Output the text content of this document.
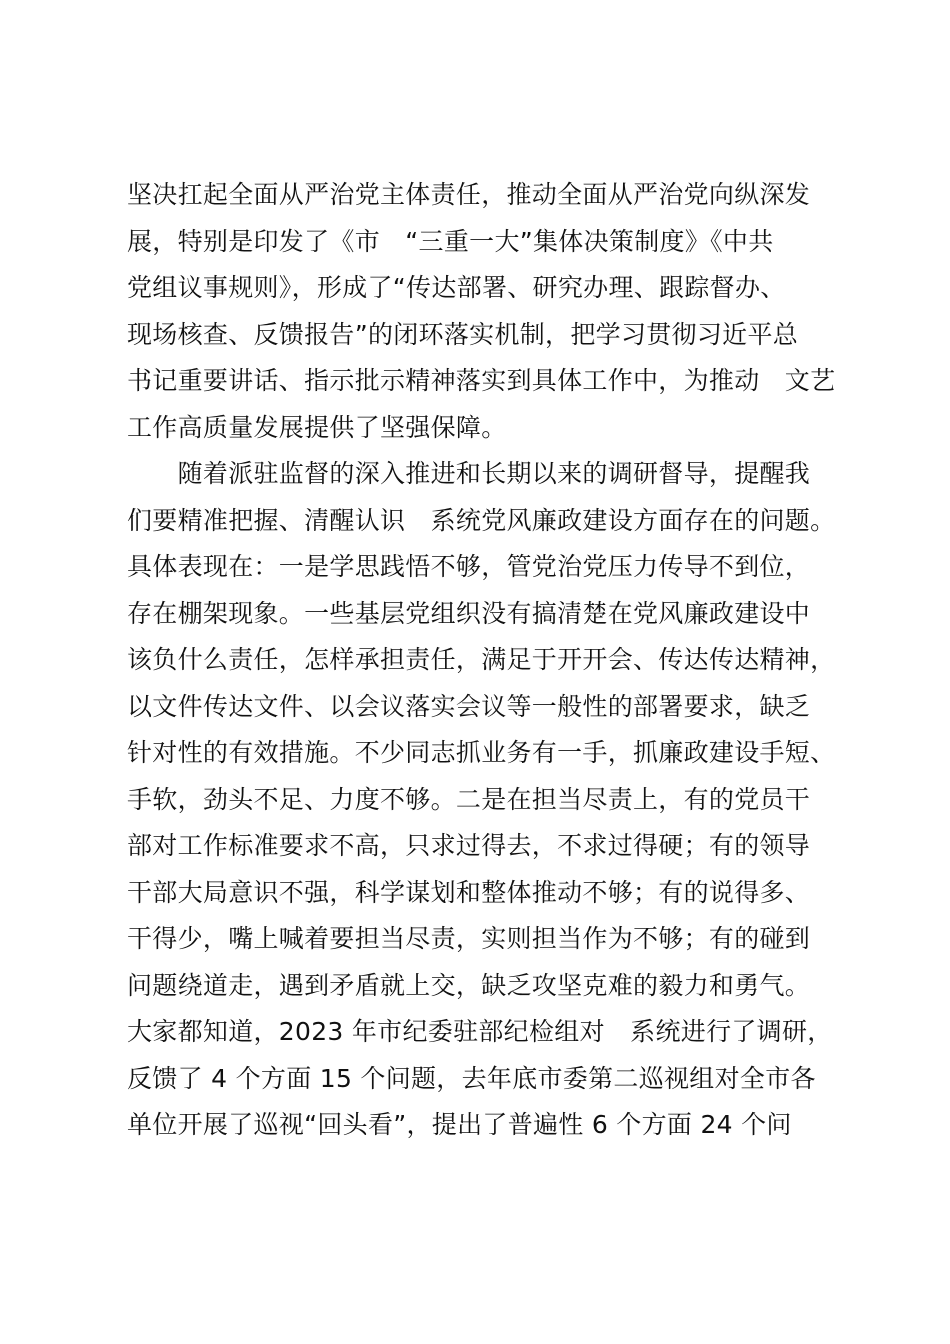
坚决扛起全面从严治党主体责任，推动全面从严治党向纵深发
展，特别是印发了《市　“三重一大”集体决策制度》《中共
党组议事规则》，形成了“传达部署、研究办理、跟踪督办、
现场核查、反馈报告”的闭环落实机制，把学习贯彻习近平总
书记重要讲话、指示批示精神落实到具体工作中，为推动　文艺
工作高质量发展提供了坚强保障。
　　随着派驻监督的深入推进和长期以来的调研督导，提醒我
们要精准把握、清醒认识　系统党风廉政建设方面存在的问题。
具体表现在：一是学思践悟不够，管党治党压力传导不到位，
存在棚架现象。一些基层党组织没有搞清楚在党风廉政建设中
该负什么责任，怎样承担责任，满足于开开会、传达传达精神，
以文件传达文件、以会议落实会议等一般性的部署要求，缺乏
针对性的有效措施。不少同志抓业务有一手，抓廉政建设手短、
手软，劲头不足、力度不够。二是在担当尽责上，有的党员干
部对工作标准要求不高，只求过得去，不求过得硬；有的领导
干部大局意识不强，科学谋划和整体推动不够；有的说得多、
干得少，嘴上喊着要担当尽责，实则担当作为不够；有的碰到
问题绕道走，遇到矛盾就上交，缺乏攻坚克难的毅力和勇气。
大家都知道，2023 年市纪委驻部纪检组对　系统进行了调研，
反馈了 4 个方面 15 个问题，去年底市委第二巡视组对全市各
单位开展了巡视“回头看”，提出了普遍性 6 个方面 24 个问
